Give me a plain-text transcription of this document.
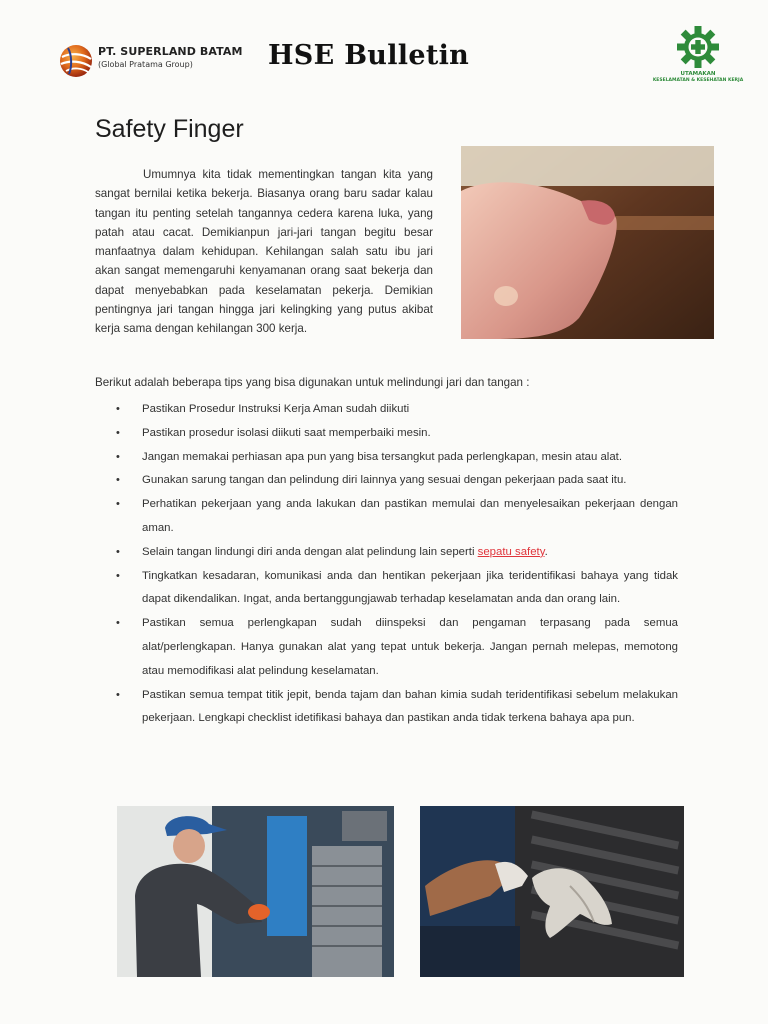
PT. SUPERLAND BATAM
(Global Pratama Group)	HSE Bulletin
UTAMAKAN
KESELAMATAN & KESEHATAN KERJA
Safety Finger

Umumnya kita tidak mementingkan tangan kita yang sangat bernilai ketika bekerja. Biasanya orang baru sadar kalau tangan itu penting setelah tangannya cedera karena luka, yang patah atau cacat. Demikianpun jari-jari tangan begitu besar manfaatnya dalam kehidupan. Kehilangan salah satu ibu jari akan sangat memengaruhi kenyamanan orang saat bekerja dan dapat menyebabkan pada keselamatan pekerja. Demikian pentingnya jari tangan hingga jari kelingking yang putus akibat kerja sama dengan kehilangan 300 kerja.

Berikut adalah beberapa tips yang bisa digunakan untuk melindungi jari dan tangan :

• Pastikan Prosedur Instruksi Kerja Aman sudah diikuti
• Pastikan prosedur isolasi diikuti saat memperbaiki mesin.
• Jangan memakai perhiasan apa pun yang bisa tersangkut pada perlengkapan, mesin atau alat.
• Gunakan sarung tangan dan pelindung diri lainnya yang sesuai dengan pekerjaan pada saat itu.
• Perhatikan pekerjaan yang anda lakukan dan pastikan memulai dan menyelesaikan pekerjaan dengan aman.
• Selain tangan lindungi diri anda dengan alat pelindung lain seperti sepatu safety.
• Tingkatkan kesadaran, komunikasi anda dan hentikan pekerjaan jika teridentifikasi bahaya yang tidak dapat dikendalikan. Ingat, anda bertanggungjawab terhadap keselamatan anda dan orang lain.
• Pastikan semua perlengkapan sudah diinspeksi dan pengaman terpasang pada semua alat/perlengkapan. Hanya gunakan alat yang tepat untuk bekerja. Jangan pernah melepas, memotong atau memodifikasi alat pelindung keselamatan.
• Pastikan semua tempat titik jepit, benda tajam dan bahan kimia sudah teridentifikasi sebelum melakukan pekerjaan. Lengkapi checklist idetifikasi bahaya dan pastikan anda tidak terkena bahaya apa pun.
